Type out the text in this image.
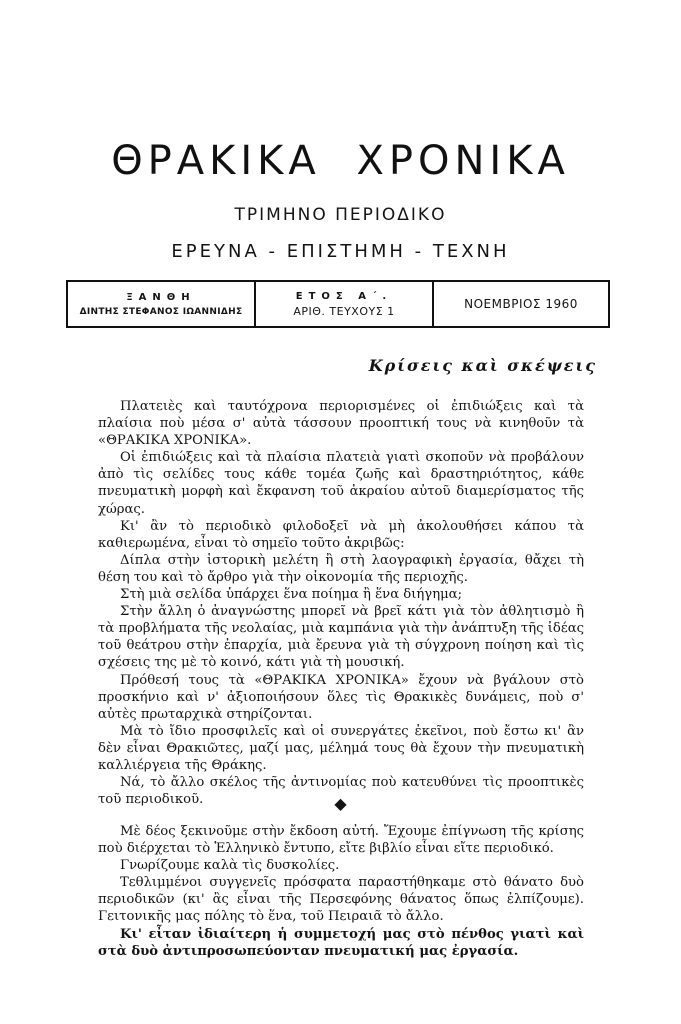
ΘΡΑΚΙΚΑ ΧΡΟΝΙΚΑ
ΤΡΙΜΗΝΟ ΠΕΡΙΟΔΙΚΟ
ΕΡΕΥΝΑ - ΕΠΙΣΤΗΜΗ - ΤΕΧΝΗ
ΞΑΝΘΗ
ΔΙΝΤΗΣ ΣΤΕΦΑΝΟΣ ΙΩΑΝΝΙΔΗΣ
ΕΤΟΣ Α΄.
ΑΡΙΘ. ΤΕΥΧΟΥΣ 1	ΝΟΕΜΒΡΙΟΣ 1960
Κρίσεις καὶ σκέψεις

Πλατειὲς καὶ ταυτόχρονα περιορισμένες οἱ ἐπιδιώξεις καὶ τὰ πλαίσια ποὺ μέσα σ' αὐτὰ τάσσουν προοπτική τους νὰ κινηθοῦν τὰ «ΘΡΑΚΙΚΑ ΧΡΟΝΙΚΑ».

Οἱ ἐπιδιώξεις καὶ τὰ πλαίσια πλατειὰ γιατὶ σκοποῦν νὰ προβάλουν ἀπὸ τὶς σελίδες τους κάθε τομέα ζωῆς καὶ δραστηριότητος, κάθε πνευματικὴ μορφὴ καὶ ἔκφανση τοῦ ἀκραίου αὐτοῦ διαμερίσματος τῆς χώρας.

Κι' ἂν τὸ περιοδικὸ φιλοδοξεῖ νὰ μὴ ἀκολουθήσει κάπου τὰ καθιερωμένα, εἶναι τὸ σημεῖο τοῦτο ἀκριβῶς:

Δίπλα στὴν ἱστορικὴ μελέτη ἢ στὴ λαογραφικὴ ἐργασία, θἄχει τὴ θέση του καὶ τὸ ἄρθρο γιὰ τὴν οἰκονομία τῆς περιοχῆς.

Στὴ μιὰ σελίδα ὑπάρχει ἕνα ποίημα ἢ ἕνα διήγημα;

Στὴν ἄλλη ὁ ἀναγνώστης μπορεῖ νὰ βρεῖ κάτι γιὰ τὸν ἀθλητισμὸ ἢ τὰ προβλήματα τῆς νεολαίας, μιὰ καμπάνια γιὰ τὴν ἀνάπτυξη τῆς ἰδέας τοῦ θεάτρου στὴν ἐπαρχία, μιὰ ἔρευνα γιὰ τὴ σύγχρονη ποίηση καὶ τὶς σχέσεις της μὲ τὸ κοινό, κάτι γιὰ τὴ μουσική.

Πρόθεσή τους τὰ «ΘΡΑΚΙΚΑ ΧΡΟΝΙΚΑ» ἔχουν νὰ βγάλουν στὸ προσκήνιο καὶ ν' ἀξιοποιήσουν ὅλες τὶς Θρακικὲς δυνάμεις, ποὺ σ' αὐτὲς πρωταρχικὰ στηρίζονται.

Μὰ τὸ ἴδιο προσφιλεῖς καὶ οἱ συνεργάτες ἐκεῖνοι, ποὺ ἔστω κι' ἂν δὲν εἶναι Θρακιῶτες, μαζί μας, μέλημά τους θὰ ἔχουν τὴν πνευματικὴ καλλιέργεια τῆς Θράκης.

Νά, τὸ ἄλλο σκέλος τῆς ἀντινομίας ποὺ κατευθύνει τὶς προοπτικὲς τοῦ περιοδικοῦ.	◆

Μὲ δέος ξεκινοῦμε στὴν ἔκδοση αὐτή. Ἔχουμε ἐπίγνωση τῆς κρίσης ποὺ διέρχεται τὸ Ἑλληνικὸ ἔντυπο, εἴτε βιβλίο εἶναι εἴτε περιοδικό.

Γνωρίζουμε καλὰ τὶς δυσκολίες.

Τεθλιμμένοι συγγενεῖς πρόσφατα παραστήθηκαμε στὸ θάνατο δυὸ περιοδικῶν (κι' ἂς εἶναι τῆς Περσεφόνης θάνατος ὅπως ἐλπίζουμε). Γειτονικῆς μας πόλης τὸ ἕνα, τοῦ Πειραιᾶ τὸ ἄλλο.

Κι' εἶταν ἰδιαίτερη ἡ συμμετοχή μας στὸ πένθος γιατὶ καὶ στὰ δυὸ ἀντιπροσωπεύονταν πνευματική μας ἐργασία.
